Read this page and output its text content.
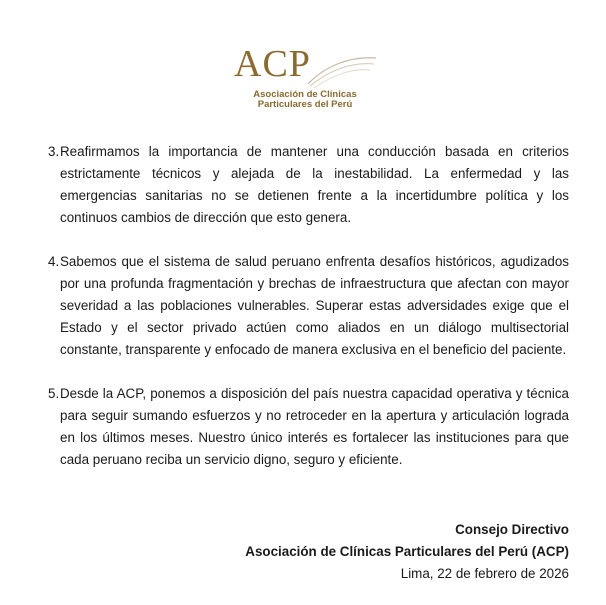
ACP
Asociación de Clínicas
Particulares del Perú
3. Reafirmamos la importancia de mantener una conducción basada en criterios estrictamente técnicos y alejada de la inestabilidad. La enfermedad y las emergencias sanitarias no se detienen frente a la incertidumbre política y los continuos cambios de dirección que esto genera.
4. Sabemos que el sistema de salud peruano enfrenta desafíos históricos, agudizados por una profunda fragmentación y brechas de infraestructura que afectan con mayor severidad a las poblaciones vulnerables. Superar estas adversidades exige que el Estado y el sector privado actúen como aliados en un diálogo multisectorial constante, transparente y enfocado de manera exclusiva en el beneficio del paciente.
5. Desde la ACP, ponemos a disposición del país nuestra capacidad operativa y técnica para seguir sumando esfuerzos y no retroceder en la apertura y articulación lograda en los últimos meses. Nuestro único interés es fortalecer las instituciones para que cada peruano reciba un servicio digno, seguro y eficiente.
Consejo Directivo
Asociación de Clínicas Particulares del Perú (ACP)
Lima, 22 de febrero de 2026
